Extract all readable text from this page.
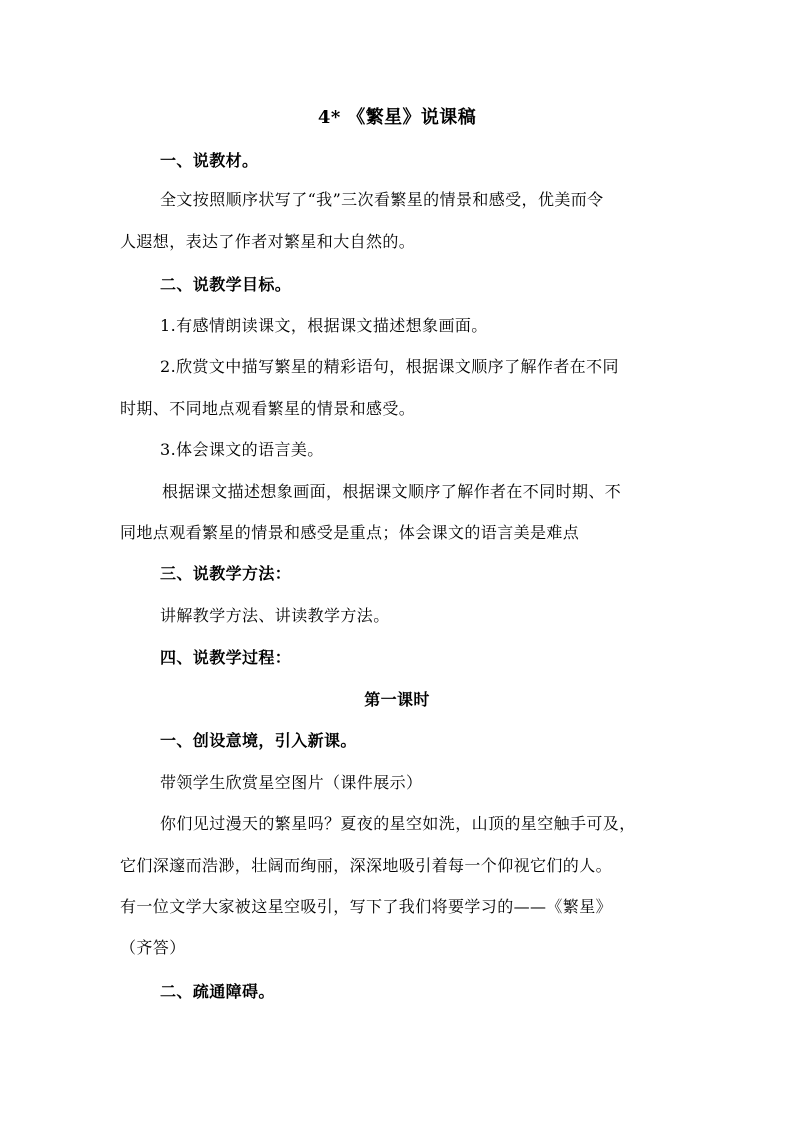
4* 《繁星》说课稿
一、说教材。
全文按照顺序状写了“我”三次看繁星的情景和感受，优美而令
人遐想，表达了作者对繁星和大自然的。
二、说教学目标。
1.有感情朗读课文，根据课文描述想象画面。
2.欣赏文中描写繁星的精彩语句，根据课文顺序了解作者在不同
时期、不同地点观看繁星的情景和感受。
3.体会课文的语言美。
根据课文描述想象画面，根据课文顺序了解作者在不同时期、不
同地点观看繁星的情景和感受是重点；体会课文的语言美是难点
三、说教学方法：
讲解教学方法、讲读教学方法。
四、说教学过程：
第一课时
一、创设意境，引入新课。
带领学生欣赏星空图片（课件展示）
你们见过漫天的繁星吗？夏夜的星空如洗，山顶的星空触手可及，
它们深邃而浩渺，壮阔而绚丽，深深地吸引着每一个仰视它们的人。
有一位文学大家被这星空吸引，写下了我们将要学习的——《繁星》
（齐答）
二、疏通障碍。
